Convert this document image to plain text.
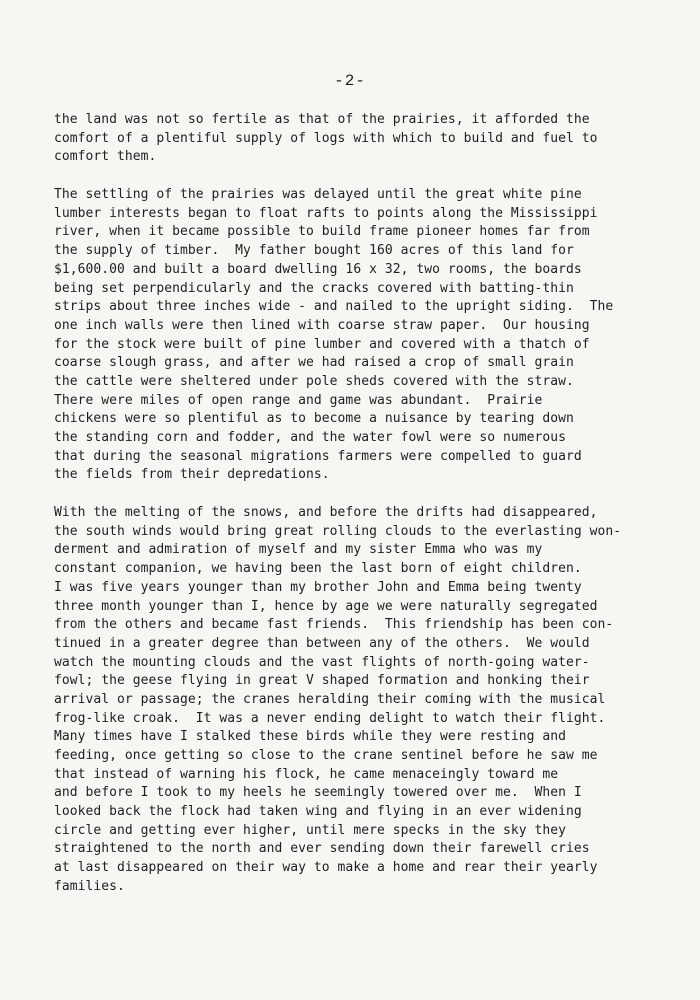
-2-
the land was not so fertile as that of the prairies, it afforded the
comfort of a plentiful supply of logs with which to build and fuel to
comfort them.
The settling of the prairies was delayed until the great white pine
lumber interests began to float rafts to points along the Mississippi
river, when it became possible to build frame pioneer homes far from
the supply of timber.  My father bought 160 acres of this land for
$1,600.00 and built a board dwelling 16 x 32, two rooms, the boards
being set perpendicularly and the cracks covered with batting-thin
strips about three inches wide - and nailed to the upright siding.  The
one inch walls were then lined with coarse straw paper.  Our housing
for the stock were built of pine lumber and covered with a thatch of
coarse slough grass, and after we had raised a crop of small grain
the cattle were sheltered under pole sheds covered with the straw.
There were miles of open range and game was abundant.  Prairie
chickens were so plentiful as to become a nuisance by tearing down
the standing corn and fodder, and the water fowl were so numerous
that during the seasonal migrations farmers were compelled to guard
the fields from their depredations.
With the melting of the snows, and before the drifts had disappeared,
the south winds would bring great rolling clouds to the everlasting won-
derment and admiration of myself and my sister Emma who was my
constant companion, we having been the last born of eight children.
I was five years younger than my brother John and Emma being twenty
three month younger than I, hence by age we were naturally segregated
from the others and became fast friends.  This friendship has been con-
tinued in a greater degree than between any of the others.  We would
watch the mounting clouds and the vast flights of north-going water-
fowl; the geese flying in great V shaped formation and honking their
arrival or passage; the cranes heralding their coming with the musical
frog-like croak.  It was a never ending delight to watch their flight.
Many times have I stalked these birds while they were resting and
feeding, once getting so close to the crane sentinel before he saw me
that instead of warning his flock, he came menaceingly toward me
and before I took to my heels he seemingly towered over me.  When I
looked back the flock had taken wing and flying in an ever widening
circle and getting ever higher, until mere specks in the sky they
straightened to the north and ever sending down their farewell cries
at last disappeared on their way to make a home and rear their yearly
families.
